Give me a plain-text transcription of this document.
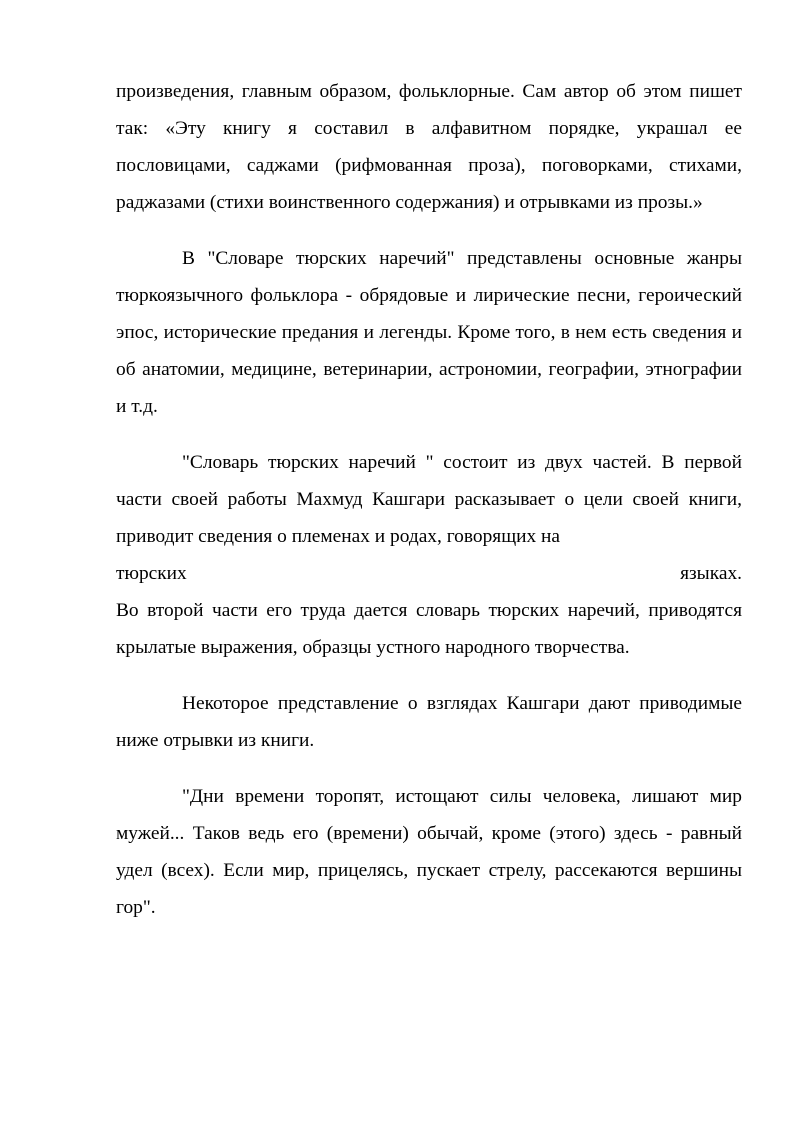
произведения, главным образом, фольклорные. Сам автор об этом пишет так: «Эту книгу я составил в алфавитном порядке, украшал ее пословицами, саджами (рифмованная проза), поговорками, стихами, раджазами (стихи воинственного содержания) и отрывками из прозы.»

В "Словаре тюрских наречий" представлены основные жанры тюркоязычного фольклора - обрядовые и лирические песни, героический эпос, исторические предания и легенды. Кроме того, в нем есть сведения и об анатомии, медицине, ветеринарии, астрономии, географии, этнографии и т.д.

"Словарь тюрских наречий " состоит из двух частей. В первой части своей работы Махмуд Кашгари раскaзывает о цели своей книги, приводит сведения о племенах и родах, говорящих на
тюрских языках.

Во второй части его труда дается словарь тюрских наречий, приводятся крылатые выражения, образцы устного народного творчества.

Некоторое представление о взглядах Кашгари дают приводимые ниже отрывки из книги.

"Дни времени торопят, истощают силы человека, лишают мир мужей... Таков ведь его (времени) обычай, кроме (этого) здесь - равный удел (всех). Если мир, прицелясь, пускает стрелу, рассекаются вершины гор".
